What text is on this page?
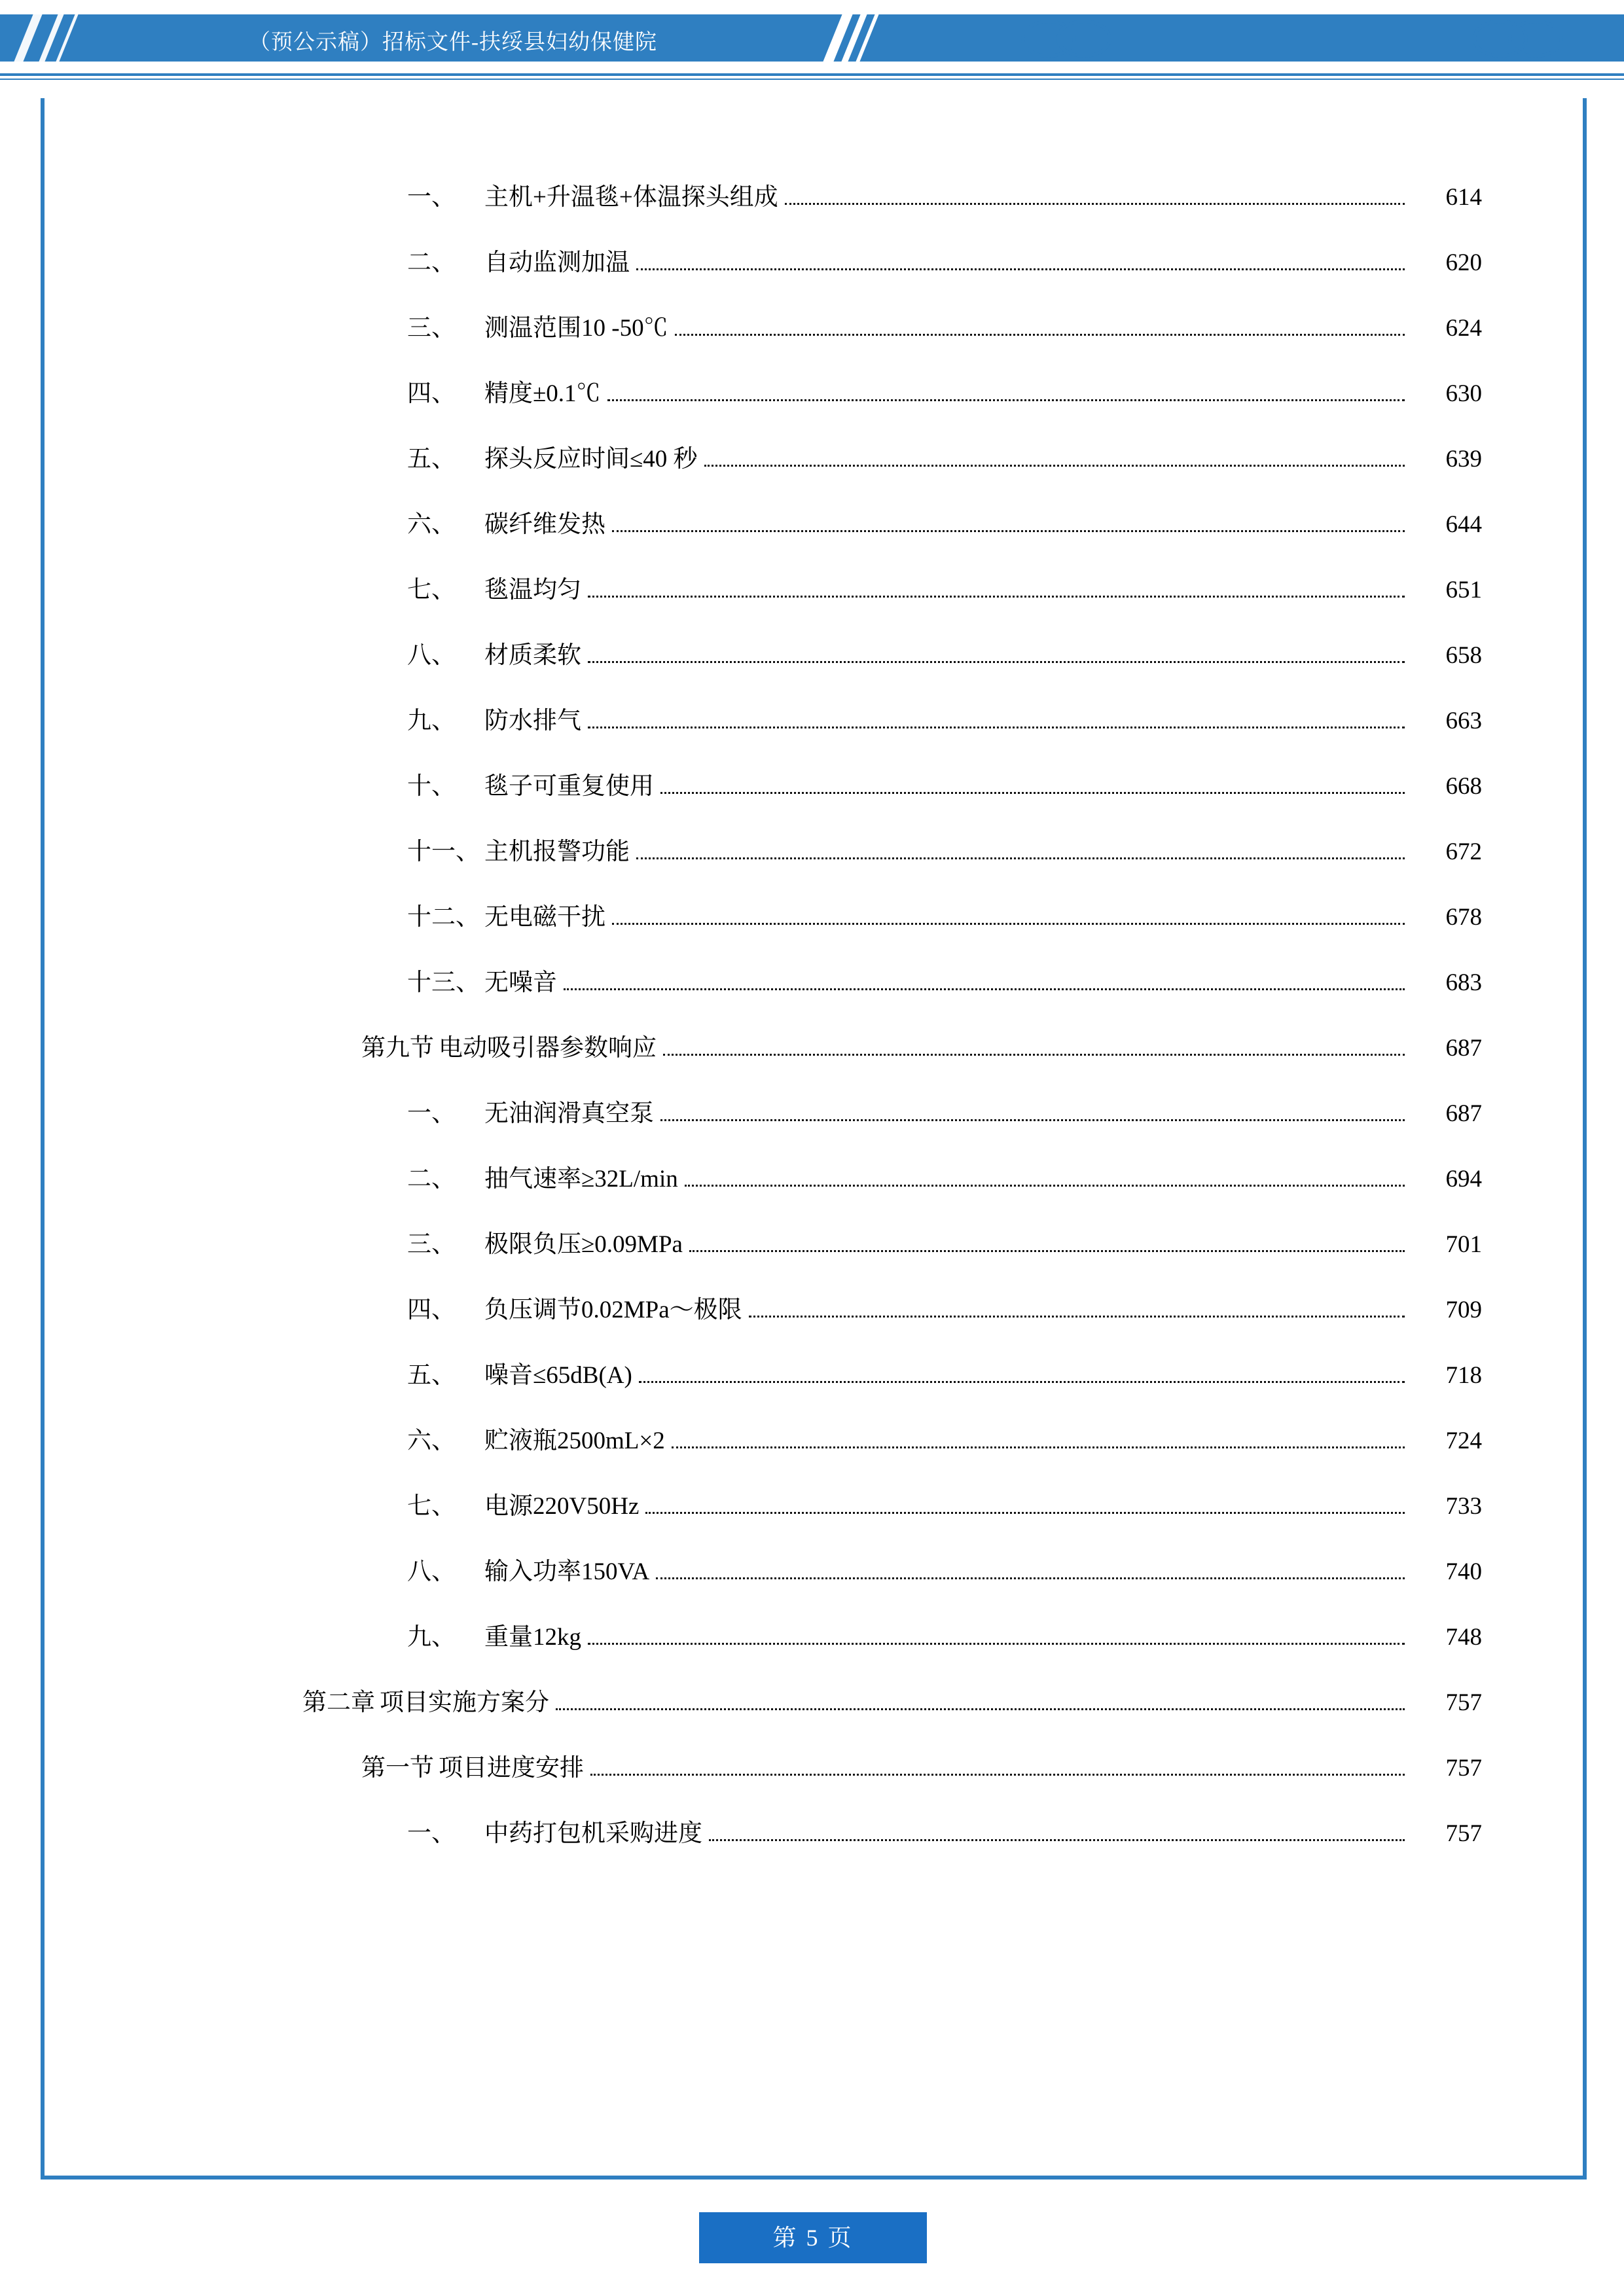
（预公示稿）招标文件-扶绥县妇幼保健院
一、	主机+升温毯+体温探头组成	614
二、	自动监测加温	620
三、	测温范围10 -50℃	624
四、	精度±0.1℃	630
五、	探头反应时间≤40 秒	639
六、	碳纤维发热	644
七、	毯温均匀	651
八、	材质柔软	658
九、	防水排气	663
十、	毯子可重复使用	668
十一、 主机报警功能	672
十二、 无电磁干扰	678
十三、 无噪音	683
第九节 电动吸引器参数响应	687
一、	无油润滑真空泵	687
二、	抽气速率≥32L/min	694
三、	极限负压≥0.09MPa	701
四、	负压调节0.02MPa～极限	709
五、	噪音≤65dB(A)	718
六、	贮液瓶2500mL×2	724
七、	电源220V50Hz	733
八、	输入功率150VA	740
九、	重量12kg	748
第二章 项目实施方案分	757
第一节 项目进度安排	757
一、	中药打包机采购进度	757
第 5 页
